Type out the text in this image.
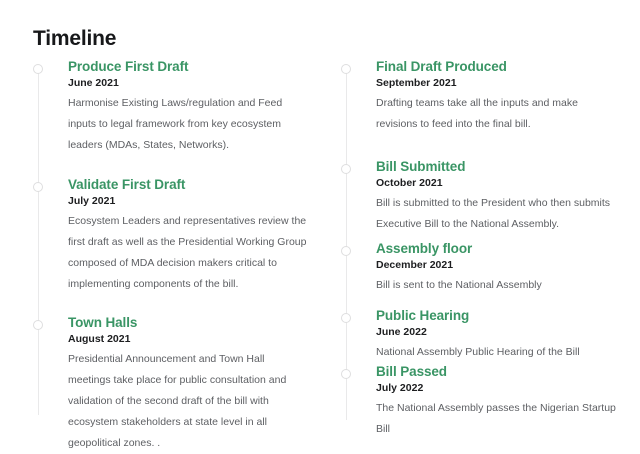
Timeline
Produce First Draft
June 2021
Harmonise Existing Laws/regulation and Feed inputs to legal framework from key ecosystem leaders (MDAs, States, Networks).
Validate First Draft
July 2021
Ecosystem Leaders and representatives review the first draft as well as the Presidential Working Group composed of MDA decision makers critical to implementing components of the bill.
Town Halls
August 2021
Presidential Announcement and Town Hall meetings take place for public consultation and validation of the second draft of the bill with ecosystem stakeholders at state level in all geopolitical zones. .
Final Draft Produced
September 2021
Drafting teams take all the inputs and make revisions to feed into the final bill.
Bill Submitted
October 2021
Bill is submitted to the President who then submits Executive Bill to the National Assembly.
Assembly floor
December 2021
Bill is sent to the National Assembly
Public Hearing
June 2022
National Assembly Public Hearing of the Bill
Bill Passed
July 2022
The National Assembly passes the Nigerian Startup Bill
